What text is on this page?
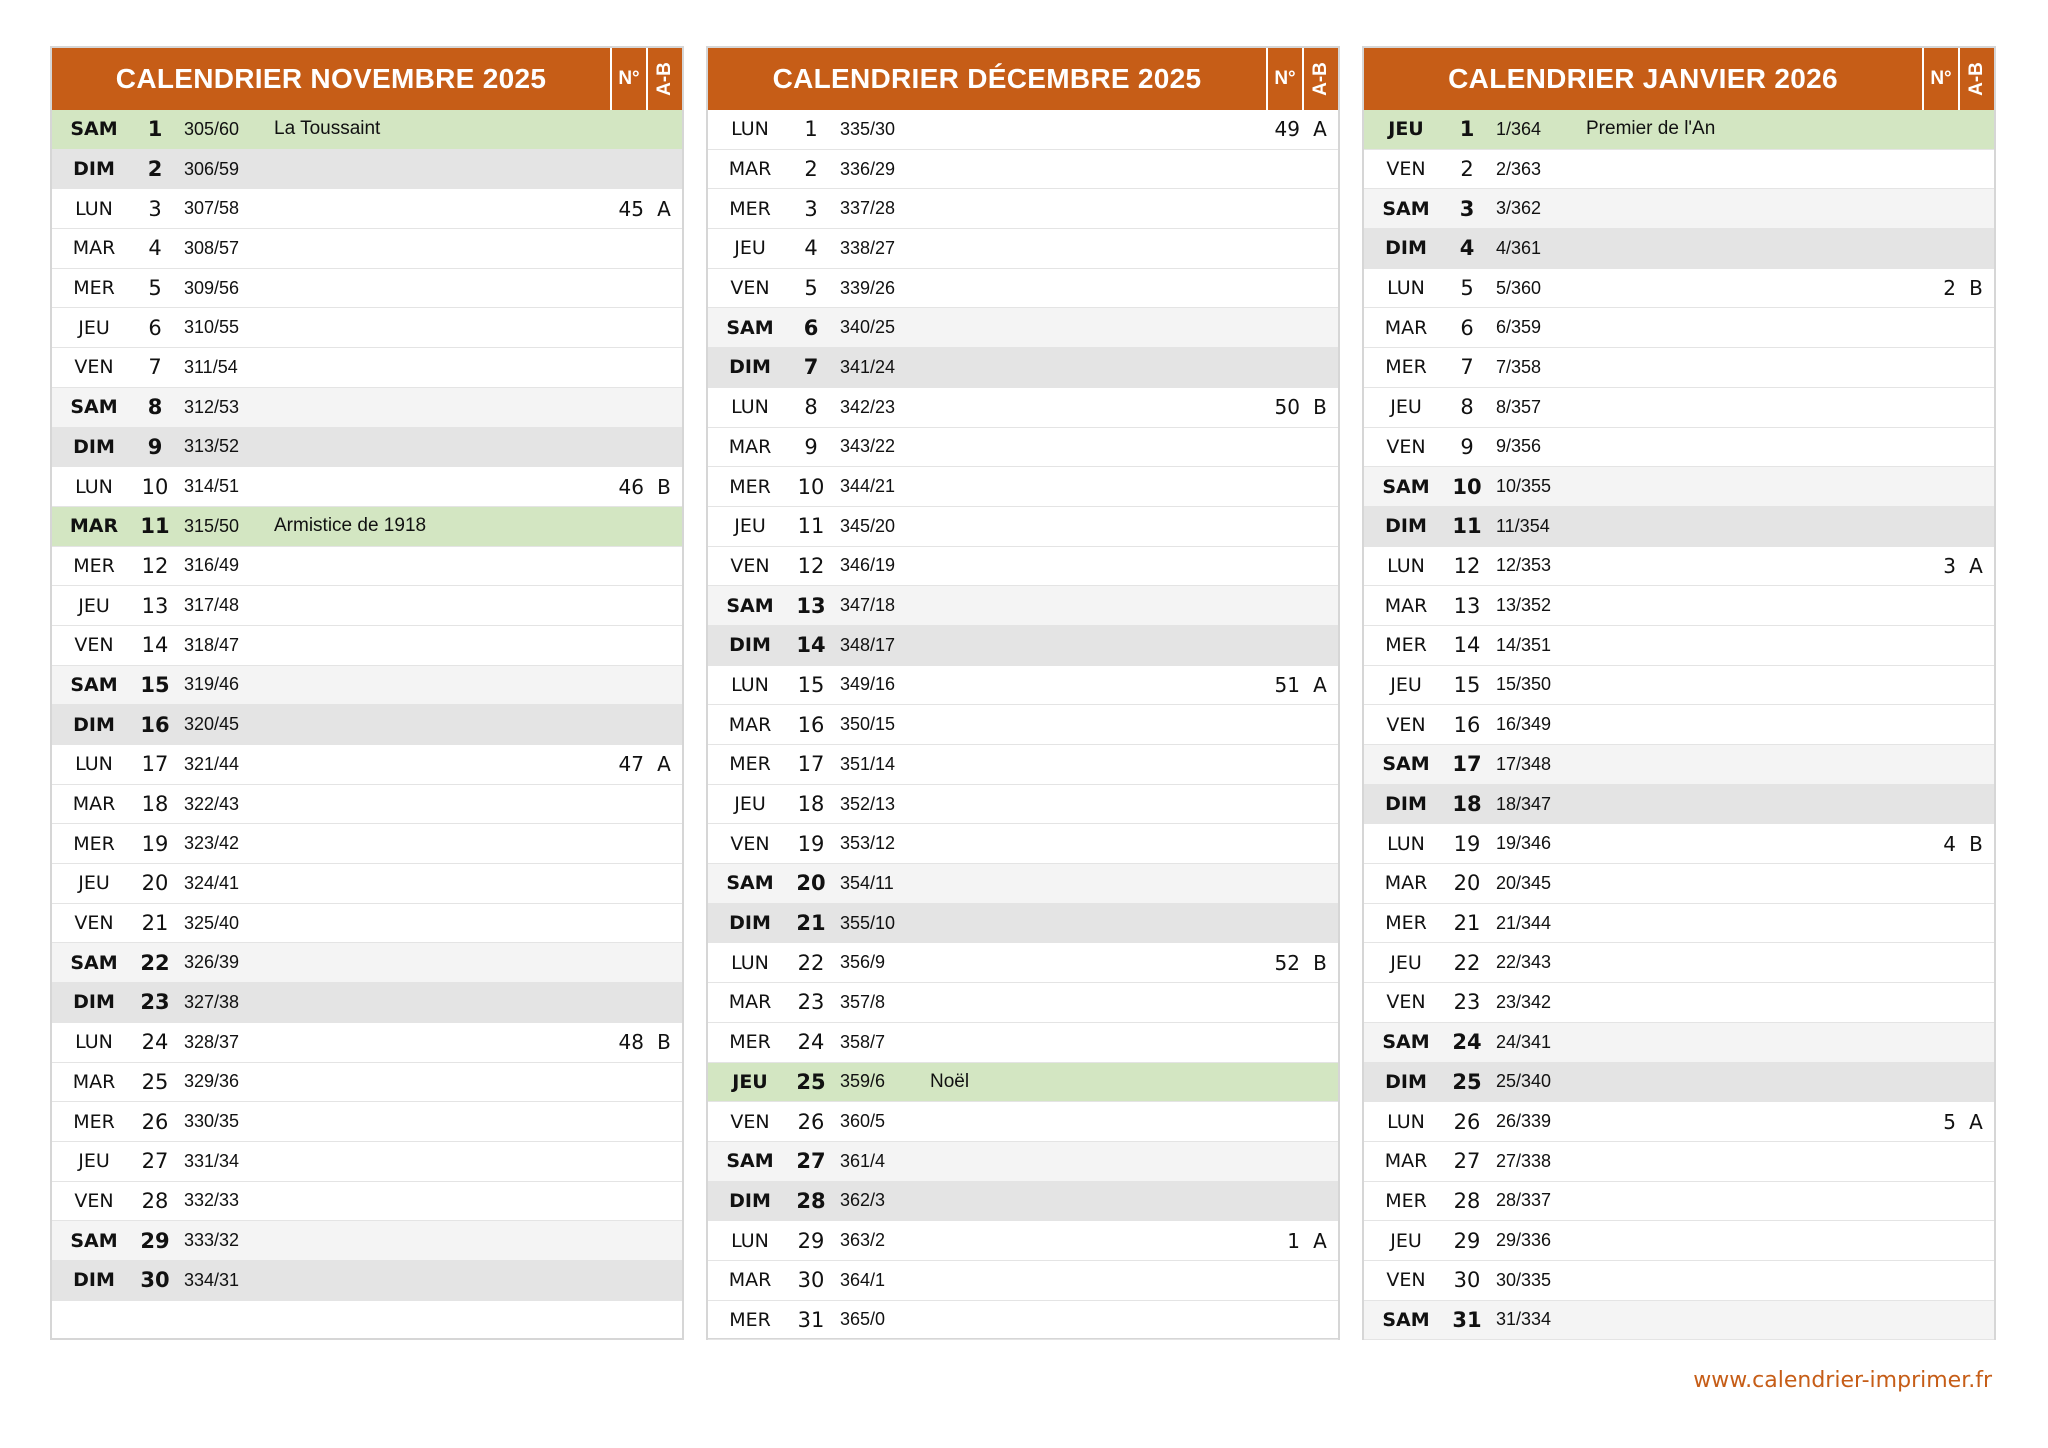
CALENDRIER NOVEMBRE 2025	N° A-B
SAM	1	305/60	La Toussaint
DIM	2	306/59
LUN	3	307/58	45 A
MAR	4	308/57
MER	5	309/56
JEU	6	310/55
VEN	7	311/54
SAM	8	312/53
DIM	9	313/52
LUN	10 314/51	46 B
MAR	11 315/50	Armistice de 1918
MER	12 316/49
JEU	13 317/48
VEN	14 318/47
SAM	15 319/46
DIM	16 320/45
LUN	17 321/44	47 A
MAR	18 322/43
MER	19 323/42
JEU	20 324/41
VEN	21 325/40
SAM	22 326/39
DIM	23 327/38
LUN	24 328/37	48 B
MAR	25 329/36
MER	26 330/35
JEU	27 331/34
VEN	28 332/33
SAM	29 333/32
DIM	30 334/31
CALENDRIER DÉCEMBRE 2025	N° A-B
LUN	1	335/30	49 A
MAR	2	336/29
MER	3	337/28
JEU	4	338/27
VEN	5	339/26
SAM	6	340/25
DIM	7	341/24
LUN	8	342/23	50 B
MAR	9	343/22
MER	10 344/21
JEU	11 345/20
VEN	12 346/19
SAM	13 347/18
DIM	14 348/17
LUN	15 349/16	51 A
MAR	16 350/15
MER	17 351/14
JEU	18 352/13
VEN	19 353/12
SAM	20 354/11
DIM	21 355/10
LUN	22 356/9	52 B
MAR	23 357/8
MER	24 358/7
JEU	25 359/6	Noël
VEN	26 360/5
SAM	27 361/4
DIM	28 362/3
LUN	29 363/2	1 A
MAR	30 364/1
MER	31 365/0
CALENDRIER JANVIER 2026	N° A-B
JEU	1	1/364	Premier de l'An
VEN	2	2/363
SAM	3	3/362
DIM	4	4/361
LUN	5	5/360	2 B
MAR	6	6/359
MER	7	7/358
JEU	8	8/357
VEN	9	9/356
SAM	10 10/355
DIM	11 11/354
LUN	12 12/353	3 A
MAR	13 13/352
MER	14 14/351
JEU	15 15/350
VEN	16 16/349
SAM	17 17/348
DIM	18 18/347
LUN	19 19/346	4 B
MAR	20 20/345
MER	21 21/344
JEU	22 22/343
VEN	23 23/342
SAM	24 24/341
DIM	25 25/340
LUN	26 26/339	5 A
MAR	27 27/338
MER	28 28/337
JEU	29 29/336
VEN	30 30/335
SAM	31 31/334
www.calendrier-imprimer.fr
